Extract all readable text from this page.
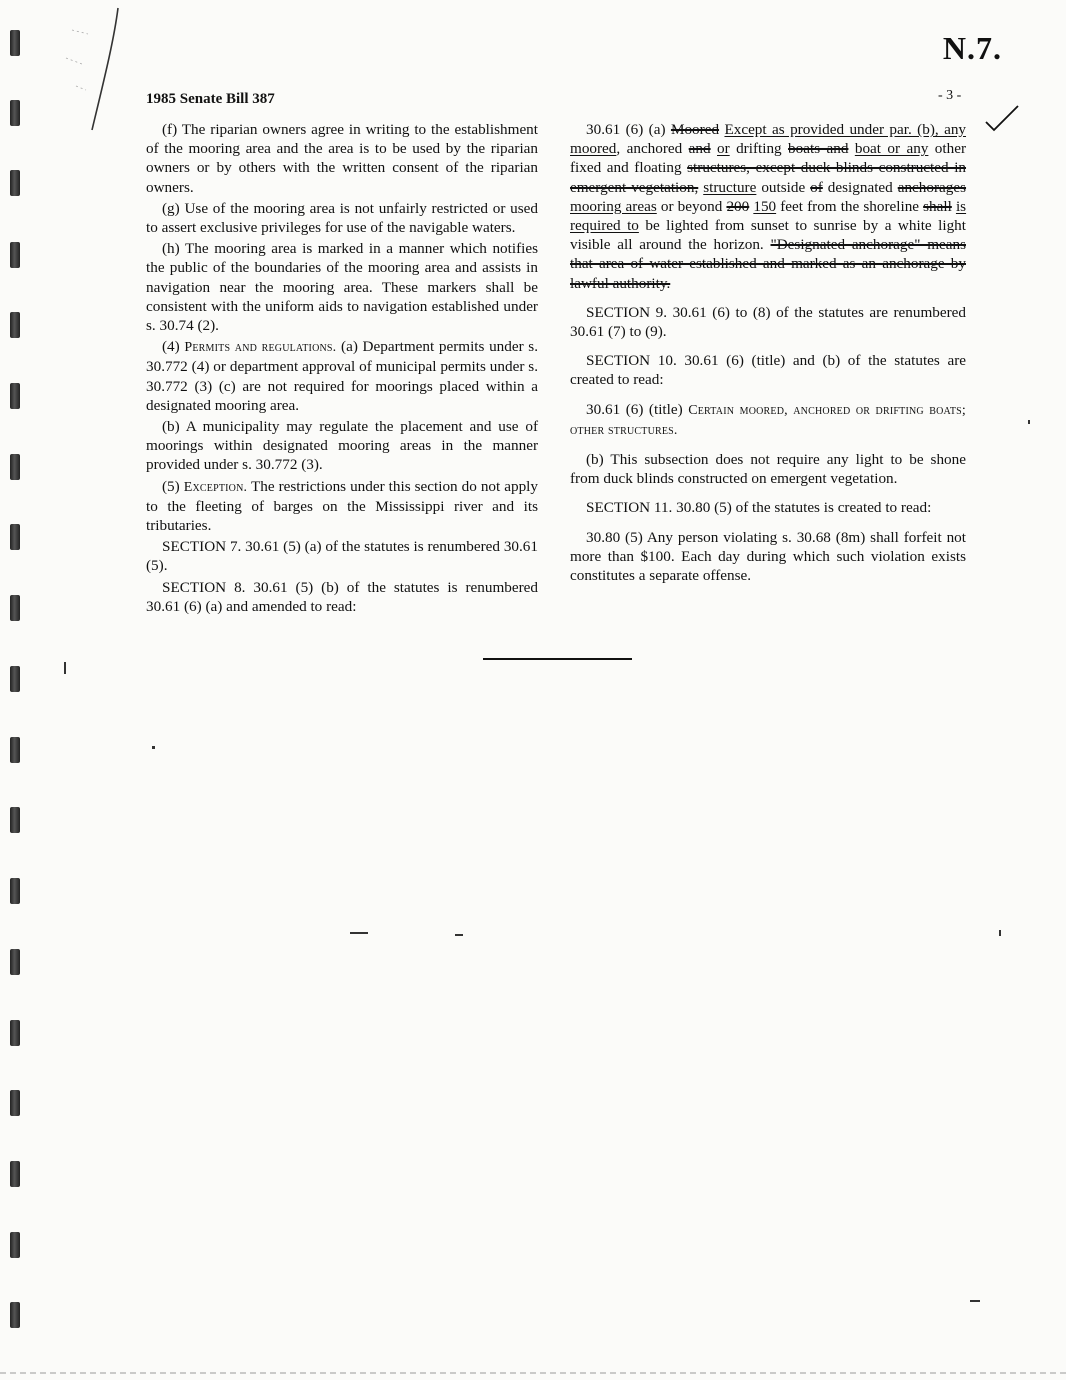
N.7.
1985 Senate Bill 387	- 3 -

(f) The riparian owners agree in writing to the establishment of the mooring area and the area is to be used by the riparian owners or by others with the written consent of the riparian owners.

(g) Use of the mooring area is not unfairly restricted or used to assert exclusive privileges for use of the navigable waters.

(h) The mooring area is marked in a manner which notifies the public of the boundaries of the mooring area and assists in navigation near the mooring area. These markers shall be consistent with the uniform aids to navigation established under s. 30.74 (2).

(4) Permits and regulations. (a) Department permits under s. 30.772 (4) or department approval of municipal permits under s. 30.772 (3) (c) are not required for moorings placed within a designated mooring area.

(b) A municipality may regulate the placement and use of moorings within designated mooring areas in the manner provided under s. 30.772 (3).

(5) Exception. The restrictions under this section do not apply to the fleeting of barges on the Mississippi river and its tributaries.

SECTION 7. 30.61 (5) (a) of the statutes is renumbered 30.61 (5).

SECTION 8. 30.61 (5) (b) of the statutes is renumbered 30.61 (6) (a) and amended to read:

30.61 (6) (a) Moored Except as provided under par. (b), any moored, anchored and or drifting boats and boat or any other fixed and floating structures, except duck blinds constructed in emergent vegetation, structure outside of designated anchorages mooring areas or beyond 200 150 feet from the shoreline shall is required to be lighted from sunset to sunrise by a white light visible all around the horizon. "Designated anchorage" means that area of water established and marked as an anchorage by lawful authority.

SECTION 9. 30.61 (6) to (8) of the statutes are renumbered 30.61 (7) to (9).

SECTION 10. 30.61 (6) (title) and (b) of the statutes are created to read:

30.61 (6) (title) Certain moored, anchored or drifting boats; other structures.

(b) This subsection does not require any light to be shone from duck blinds constructed on emergent vegetation.

SECTION 11. 30.80 (5) of the statutes is created to read:

30.80 (5) Any person violating s. 30.68 (8m) shall forfeit not more than $100. Each day during which such violation exists constitutes a separate offense.
